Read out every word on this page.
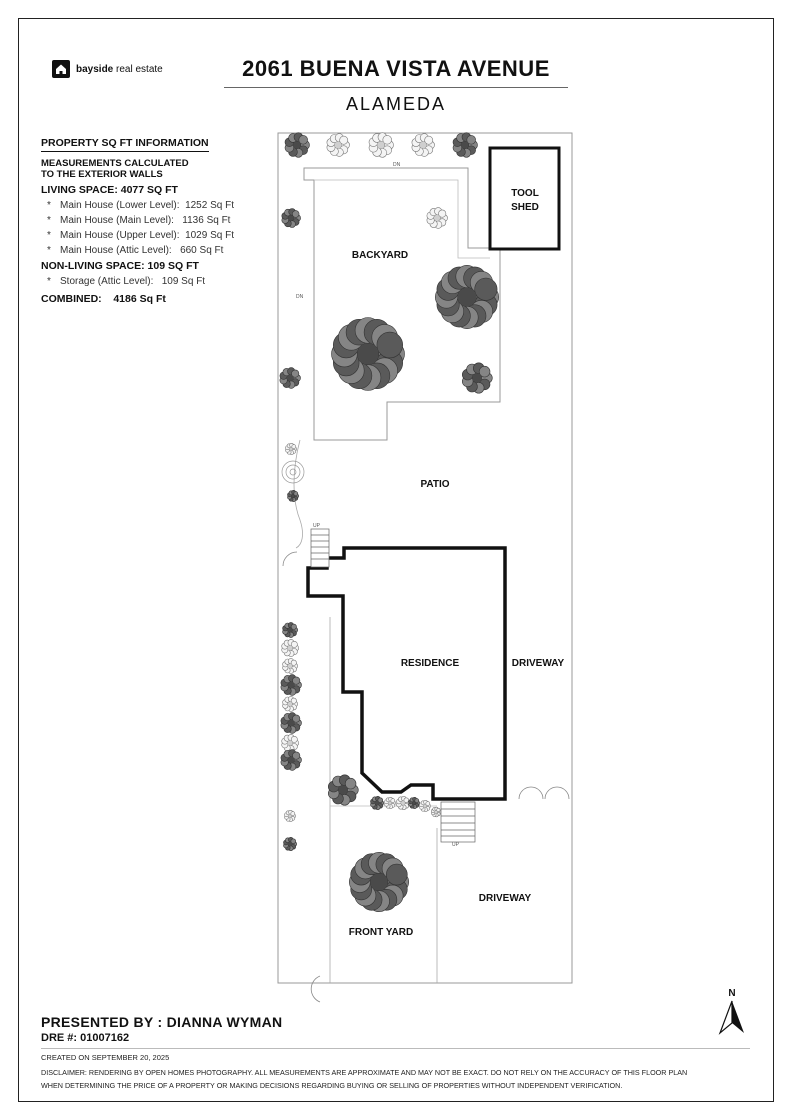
bayside real estate	2061 BUENA VISTA AVENUE
ALAMEDA
PROPERTY SQ FT INFORMATION
MEASUREMENTS CALCULATED
TO THE EXTERIOR WALLS
LIVING SPACE: 4077 SQ FT
* Main House (Lower Level): 1252 Sq Ft
* Main House (Main Level): 1136 Sq Ft
* Main House (Upper Level): 1029 Sq Ft
* Main House (Attic Level): 660 Sq Ft
NON-LIVING SPACE: 109 SQ FT
* Storage (Attic Level): 109 Sq Ft
COMBINED: 4186 Sq Ft
DN
DN
UP
UP
TOOL
SHED
BACKYARD
PATIO
RESIDENCE	DRIVEWAY
DRIVEWAY
FRONT YARD
PRESENTED BY : DIANNA WYMAN
DRE #: 01007162
CREATED ON SEPTEMBER 20, 2025
DISCLAIMER: RENDERING BY OPEN HOMES PHOTOGRAPHY. ALL MEASUREMENTS ARE APPROXIMATE AND MAY NOT BE EXACT. DO NOT RELY ON THE ACCURACY OF THIS FLOOR PLAN
WHEN DETERMINING THE PRICE OF A PROPERTY OR MAKING DECISIONS REGARDING BUYING OR SELLING OF PROPERTIES WITHOUT INDEPENDENT VERIFICATION.
N
